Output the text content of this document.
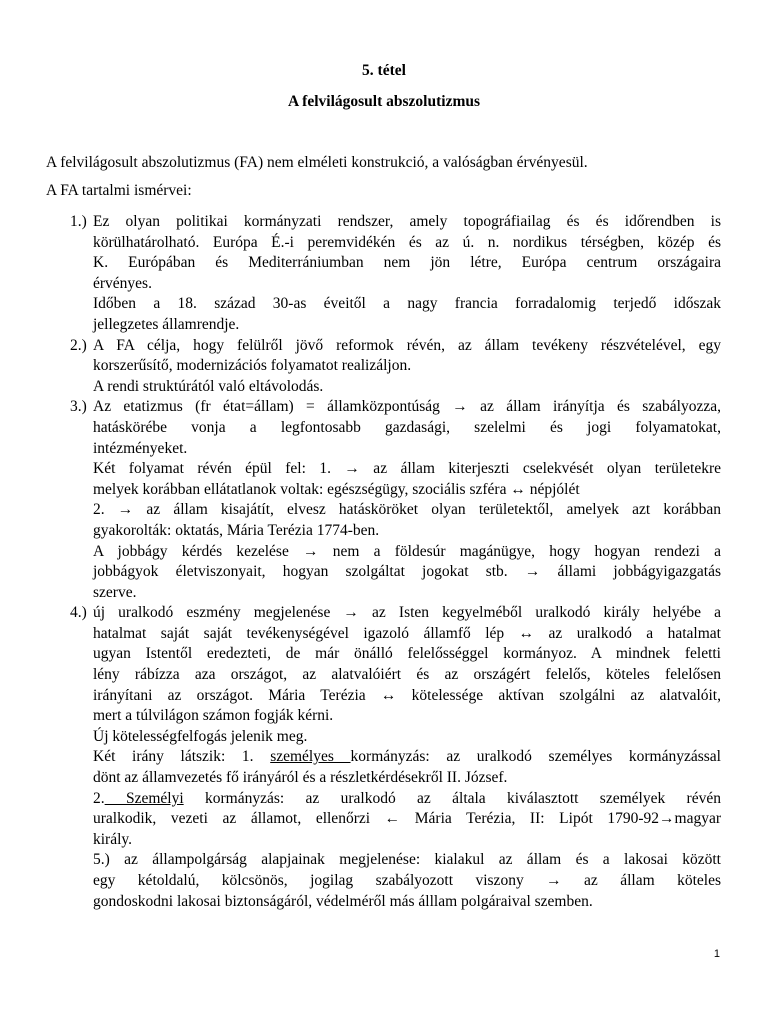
5. tétel
A felvilágosult abszolutizmus
A felvilágosult abszolutizmus (FA) nem elméleti konstrukció, a valóságban érvényesül.
A FA tartalmi ismérvei:
1.) Ez olyan politikai kormányzati rendszer, amely topográfiailag és és időrendben is
körülhatárolható. Európa É.-i peremvidékén és az ú. n. nordikus térségben, közép és
K. Európában és Mediterrániumban nem jön létre, Európa centrum országaira
érvényes.
Időben a 18. század 30-as éveitől a nagy francia forradalomig terjedő időszak
jellegzetes államrendje.
2.) A FA célja, hogy felülről jövő reformok révén, az állam tevékeny részvételével, egy
korszerűsítő, modernizációs folyamatot realizáljon.
A rendi struktúrától való eltávolodás.
3.) Az etatizmus (fr état=állam) = államközpontúság → az állam irányítja és szabályozza,
hatáskörébe vonja a legfontosabb gazdasági, szelelmi és jogi folyamatokat,
intézményeket.
Két folyamat révén épül fel: 1. → az állam kiterjeszti cselekvését olyan területekre
melyek korábban ellátatlanok voltak: egészségügy, szociális szféra ↔ népjólét
2. → az állam kisajátít, elvesz hatásköröket olyan területektől, amelyek azt korábban
gyakorolták: oktatás, Mária Terézia 1774-ben.
A jobbágy kérdés kezelése → nem a földesúr magánügye, hogy hogyan rendezi a
jobbágyok életviszonyait, hogyan szolgáltat jogokat stb. → állami jobbágyigazgatás
szerve.
4.) új uralkodó eszmény megjelenése → az Isten kegyelméből uralkodó király helyébe a
hatalmat saját saját tevékenységével igazoló államfő lép ↔ az uralkodó a hatalmat
ugyan Istentől eredezteti, de már önálló felelősséggel kormányoz. A mindnek feletti
lény rábízza aza országot, az alatvalóiért és az országért felelős, köteles felelősen
irányítani az országot. Mária Terézia ↔ kötelessége aktívan szolgálni az alatvalóit,
mert a túlvilágon számon fogják kérni.
Új kötelességfelfogás jelenik meg.
Két irány látszik: 1. személyes kormányzás: az uralkodó személyes kormányzással
dönt az államvezetés fő irányáról és a részletkérdésekről II. József.
2. Személyi kormányzás: az uralkodó az általa kiválasztott személyek révén
uralkodik, vezeti az államot, ellenőrzi ← Mária Terézia, II: Lipót 1790-92→magyar
király.
5.) az állampolgárság alapjainak megjelenése: kialakul az állam és a lakosai között
egy kétoldalú, kölcsönös, jogilag szabályozott viszony → az állam köteles
gondoskodni lakosai biztonságáról, védelméről más álllam polgáraival szemben.
1
